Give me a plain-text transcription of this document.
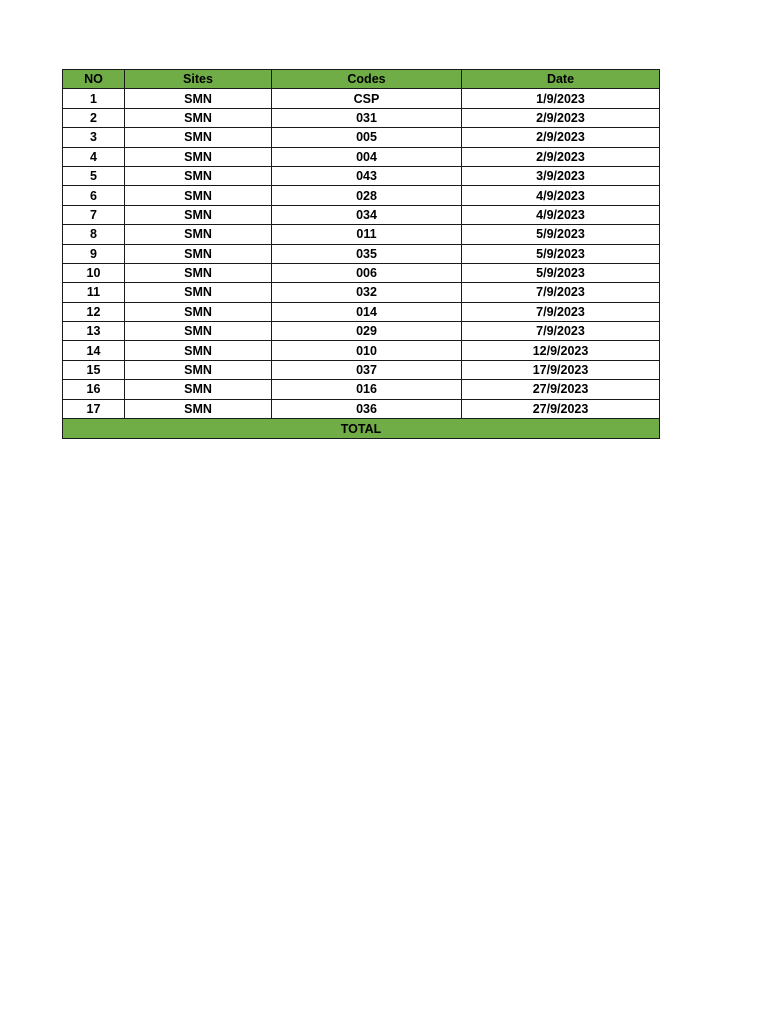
NO	Sites	Codes	Date
1	SMN	CSP	1/9/2023
2	SMN	031	2/9/2023
3	SMN	005	2/9/2023
4	SMN	004	2/9/2023
5	SMN	043	3/9/2023
6	SMN	028	4/9/2023
7	SMN	034	4/9/2023
8	SMN	011	5/9/2023
9	SMN	035	5/9/2023
10	SMN	006	5/9/2023
11	SMN	032	7/9/2023
12	SMN	014	7/9/2023
13	SMN	029	7/9/2023
14	SMN	010	12/9/2023
15	SMN	037	17/9/2023
16	SMN	016	27/9/2023
17	SMN	036	27/9/2023
TOTAL			
